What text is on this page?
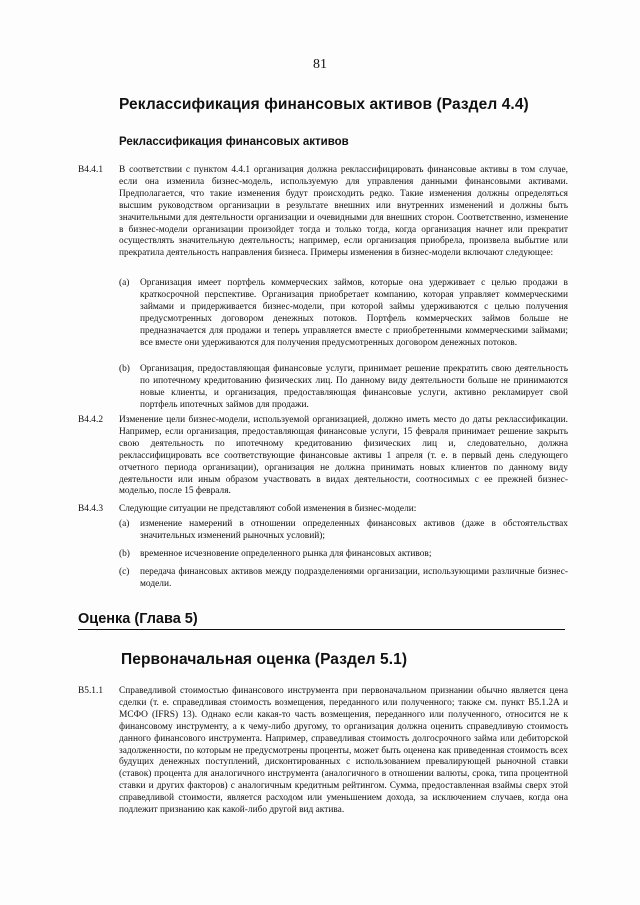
81
Реклассификация финансовых активов (Раздел 4.4)
Реклассификация финансовых активов
B4.4.1	В соответствии с пунктом 4.4.1 организация должна реклассифицировать финансовые активы в том случае, если она изменила бизнес-модель, используемую для управления данными финансовыми активами. Предполагается, что такие изменения будут происходить редко. Такие изменения должны определяться высшим руководством организации в результате внешних или внутренних изменений и должны быть значительными для деятельности организации и очевидными для внешних сторон. Соответственно, изменение в бизнес-модели организации произойдет тогда и только тогда, когда организация начнет или прекратит осуществлять значительную деятельность; например, если организация приобрела, произвела выбытие или прекратила деятельность направления бизнеса. Примеры изменения в бизнес-модели включают следующее:
(a)	Организация имеет портфель коммерческих займов, которые она удерживает с целью продажи в краткосрочной перспективе. Организация приобретает компанию, которая управляет коммерческими займами и придерживается бизнес-модели, при которой займы удерживаются с целью получения предусмотренных договором денежных потоков. Портфель коммерческих займов больше не предназначается для продажи и теперь управляется вместе с приобретенными коммерческими займами; все вместе они удерживаются для получения предусмотренных договором денежных потоков.
(b)	Организация, предоставляющая финансовые услуги, принимает решение прекратить свою деятельность по ипотечному кредитованию физических лиц. По данному виду деятельности больше не принимаются новые клиенты, и организация, предоставляющая финансовые услуги, активно рекламирует свой портфель ипотечных займов для продажи.
B4.4.2	Изменение цели бизнес-модели, используемой организацией, должно иметь место до даты реклассификации. Например, если организация, предоставляющая финансовые услуги, 15 февраля принимает решение закрыть свою деятельность по ипотечному кредитованию физических лиц и, следовательно, должна реклассифицировать все соответствующие финансовые активы 1 апреля (т. е. в первый день следующего отчетного периода организации), организация не должна принимать новых клиентов по данному виду деятельности или иным образом участвовать в видах деятельности, соотносимых с ее прежней бизнес-моделью, после 15 февраля.
B4.4.3	Следующие ситуации не представляют собой изменения в бизнес-модели:
(a)	изменение намерений в отношении определенных финансовых активов (даже в обстоятельствах значительных изменений рыночных условий);
(b)	временное исчезновение определенного рынка для финансовых активов;
(c)	передача финансовых активов между подразделениями организации, использующими различные бизнес-модели.
Оценка (Глава 5)
Первоначальная оценка (Раздел 5.1)
B5.1.1	Справедливой стоимостью финансового инструмента при первоначальном признании обычно является цена сделки (т. е. справедливая стоимость возмещения, переданного или полученного; также см. пункт B5.1.2A и МСФО (IFRS) 13). Однако если какая-то часть возмещения, переданного или полученного, относится не к финансовому инструменту, а к чему-либо другому, то организация должна оценить справедливую стоимость данного финансового инструмента. Например, справедливая стоимость долгосрочного займа или дебиторской задолженности, по которым не предусмотрены проценты, может быть оценена как приведенная стоимость всех будущих денежных поступлений, дисконтированных с использованием превалирующей рыночной ставки (ставок) процента для аналогичного инструмента (аналогичного в отношении валюты, срока, типа процентной ставки и других факторов) с аналогичным кредитным рейтингом. Сумма, предоставленная взаймы сверх этой справедливой стоимости, является расходом или уменьшением дохода, за исключением случаев, когда она подлежит признанию как какой-либо другой вид актива.
